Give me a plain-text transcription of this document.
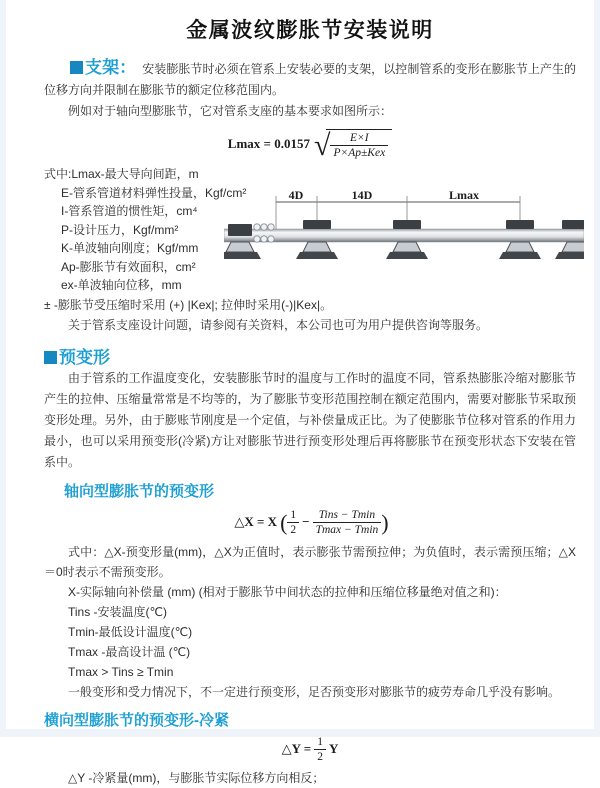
金属波纹膨胀节安装说明
支架： 安装膨胀节时必须在管系上安装必要的支架，以控制管系的变形在膨胀节上产生的位移方向并限制在膨胀节的额定位移范围内。
例如对于轴向型膨胀节，它对管系支座的基本要求如图所示：
Lmax = 0.0157 √ $\frac{E\times I}{\text{P×Ap±Kex}}$
式中:Lmax-最大导向间距，m
E-管系管道材料弹性投量，Kgf/cm²
I-管系管道的惯性矩，cm⁴
P-设计压力，Kgf/mm²
K-单波轴向刚度；Kgf/mm
Ap-膨胀节有效面积，cm²
ex-单波轴向位移，mm
4D	14D	Lmax
± -膨胀节受压缩时采用 (+) |Kex|; 拉伸时采用(-)|Kex|。
关于管系支座设计问题，请参阅有关资料，本公司也可为用户提供咨询等服务。
预变形
由于管系的工作温度变化，安装膨胀节时的温度与工作时的温度不同，管系热膨胀冷缩对膨胀节产生的拉伸、压缩量常常是不均等的，为了膨胀节变形范围控制在额定范围内，需要对膨胀节采取预变形处理。另外，由于膨账节刚度是一个定值，与补偿量成正比。为了使膨胀节位移对管系的作用力最小，也可以采用预变形(冷紧)方让对膨胀节进行预变形处理后再将膨胀节在预变形状态下安装在管系中。
轴向型膨胀节的预变形
△X = X ( $\frac{1}{2} - \frac{\text{Tins − Tmin}}{Tmax - Tmin}$ )
式中：△X-预变形量(mm)，△X为正值时，表示膨张节需预拉伸；为负值时，表示需预压缩；△X＝0时表示不需预变形。
X-实际轴向补偿量 (mm) (相对于膨胀节中间状态的拉伸和压缩位移量绝对值之和)：
Tins -安装温度(℃)
Tmin-最低设计温度(℃)
Tmax -最高设计温 (℃)
Tmax > Tins ≥ Tmin
一般变形和受力情况下，不一定进行预变形，足否预变形对膨胀节的疲劳寿命几乎没有影响。
横向型膨胀节的预变形-冷紧
△Y = $\frac{1}{2}$ Y
△Y -冷紧量(mm)，与膨胀节实际位移方向相反；
